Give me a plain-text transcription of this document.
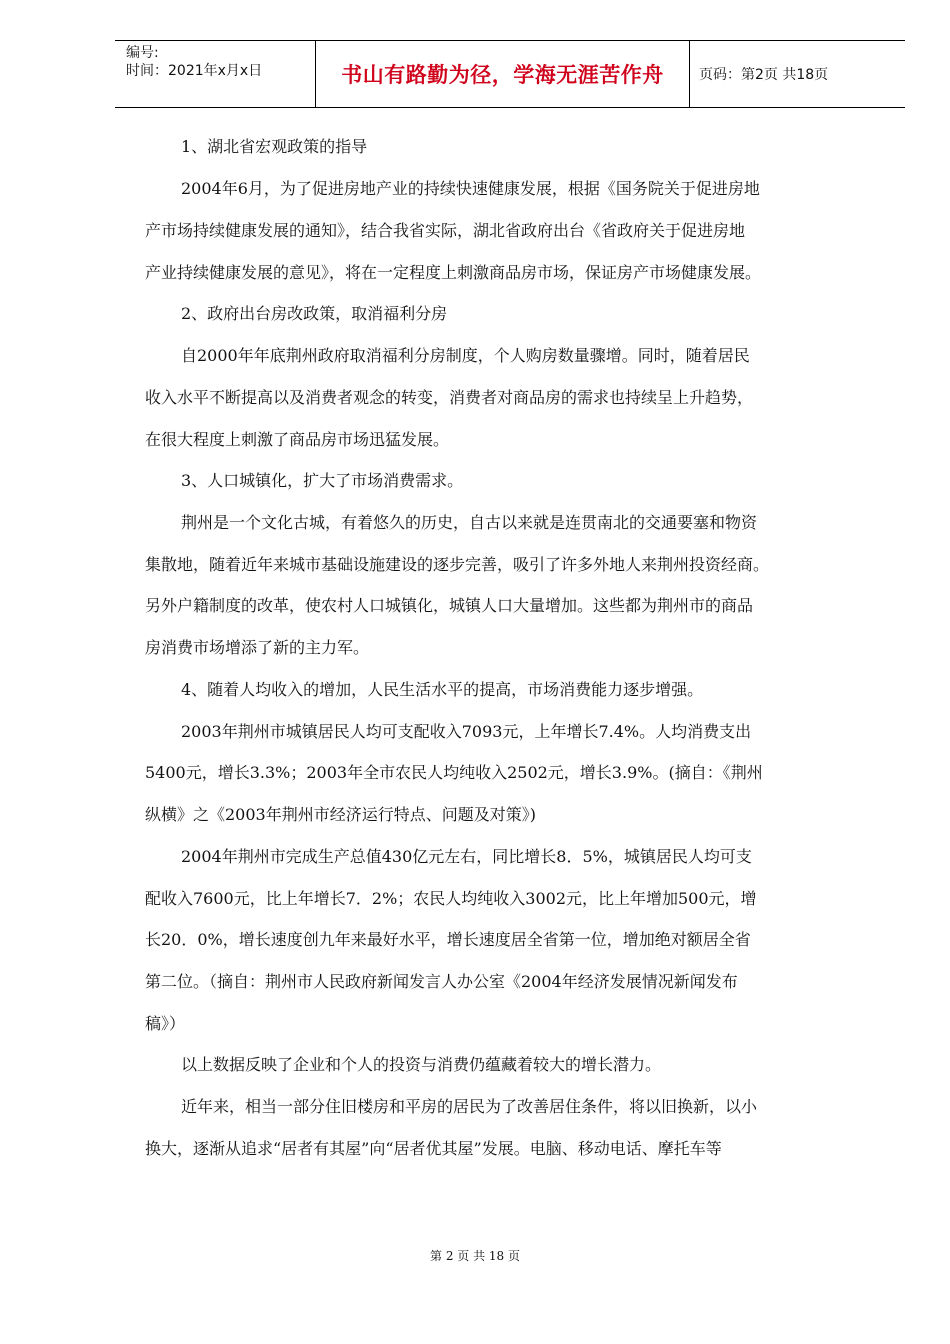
编号:
时间：2021年x月x日	书山有路勤为径，学海无涯苦作舟	页码：第2页 共18页
1、湖北省宏观政策的指导
2004年6月，为了促进房地产业的持续快速健康发展，根据《国务院关于促进房地
产市场持续健康发展的通知》，结合我省实际，湖北省政府出台《省政府关于促进房地
产业持续健康发展的意见》，将在一定程度上刺激商品房市场，保证房产市场健康发展。
2、政府出台房改政策，取消福利分房
自2000年年底荆州政府取消福利分房制度，个人购房数量骤增。同时，随着居民
收入水平不断提高以及消费者观念的转变，消费者对商品房的需求也持续呈上升趋势，
在很大程度上刺激了商品房市场迅猛发展。
3、人口城镇化，扩大了市场消费需求。
荆州是一个文化古城，有着悠久的历史，自古以来就是连贯南北的交通要塞和物资
集散地，随着近年来城市基础设施建设的逐步完善，吸引了许多外地人来荆州投资经商。
另外户籍制度的改革，使农村人口城镇化，城镇人口大量增加。这些都为荆州市的商品
房消费市场增添了新的主力军。
4、随着人均收入的增加，人民生活水平的提高，市场消费能力逐步增强。
2003年荆州市城镇居民人均可支配收入7093元，上年增长7.4%。人均消费支出
5400元，增长3.3%；2003年全市农民人均纯收入2502元，增长3.9%。(摘自：《荆州
纵横》之《2003年荆州市经济运行特点、问题及对策》)
2004年荆州市完成生产总值430亿元左右，同比增长8．5%，城镇居民人均可支
配收入7600元，比上年增长7．2%；农民人均纯收入3002元，比上年增加500元，增
长20．0%，增长速度创九年来最好水平，增长速度居全省第一位，增加绝对额居全省
第二位。（摘自：荆州市人民政府新闻发言人办公室《2004年经济发展情况新闻发布
稿》）
以上数据反映了企业和个人的投资与消费仍蕴藏着较大的增长潜力。
近年来，相当一部分住旧楼房和平房的居民为了改善居住条件，将以旧换新，以小
换大，逐渐从追求“居者有其屋”向“居者优其屋”发展。电脑、移动电话、摩托车等
第 2 页 共 18 页
